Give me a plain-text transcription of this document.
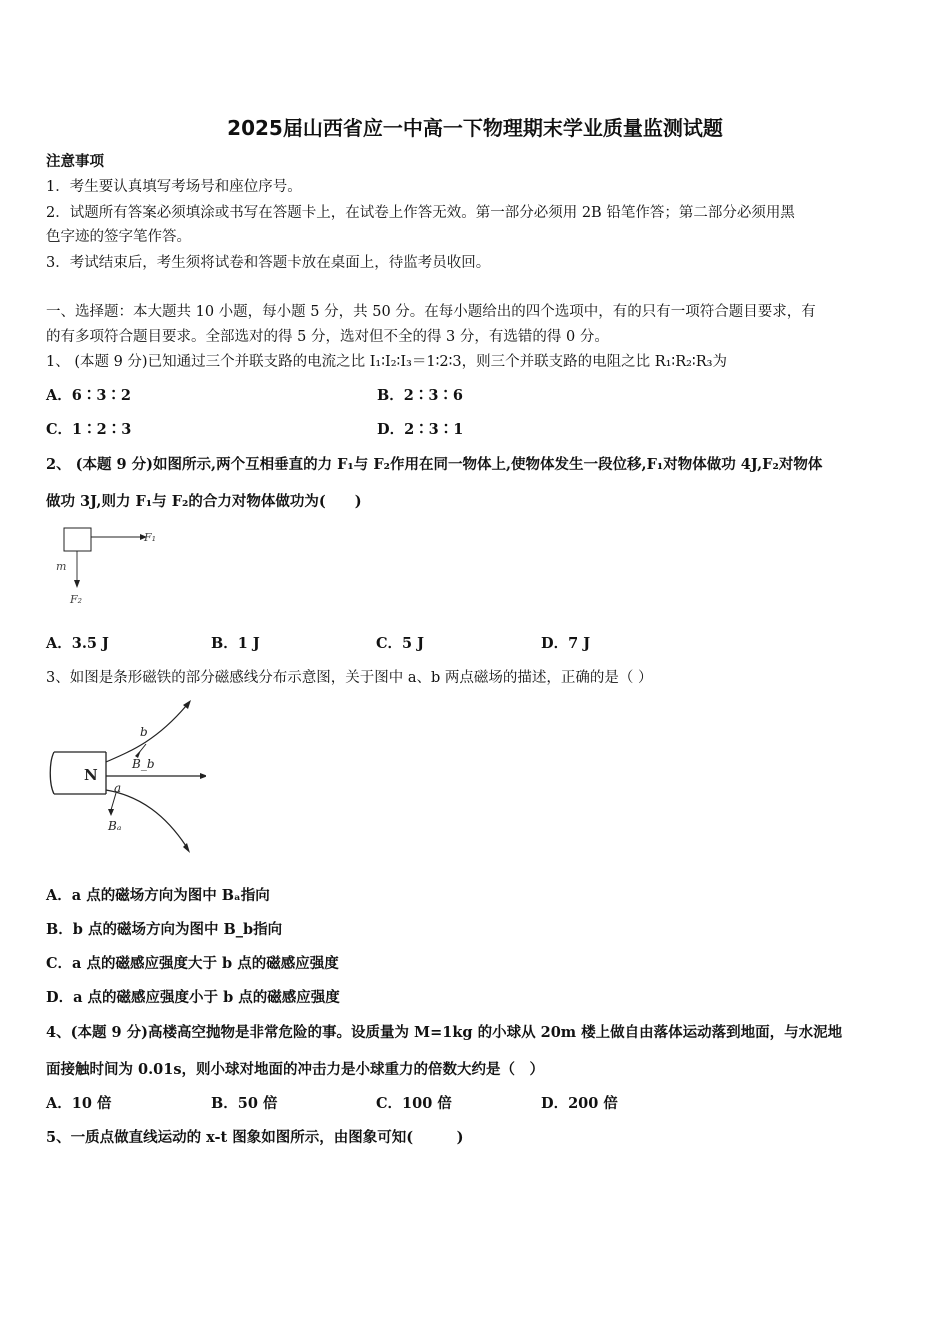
2025届山西省应一中高一下物理期末学业质量监测试题
注意事项
1．考生要认真填写考场号和座位序号。
2．试题所有答案必须填涂或书写在答题卡上，在试卷上作答无效。第一部分必须用 2B 铅笔作答；第二部分必须用黑
色字迹的签字笔作答。
3．考试结束后，考生须将试卷和答题卡放在桌面上，待监考员收回。
一、选择题：本大题共 10 小题，每小题 5 分，共 50 分。在每小题给出的四个选项中，有的只有一项符合题目要求，有
的有多项符合题目要求。全部选对的得 5 分，选对但不全的得 3 分，有选错的得 0 分。
1、 (本题 9 分)已知通过三个并联支路的电流之比 I₁∶I₂∶I₃＝1∶2∶3，则三个并联支路的电阻之比 R₁∶R₂∶R₃为
A．6∶3∶2	B．2∶3∶6
C．1∶2∶3	D．2∶3∶1
2、 (本题 9 分)如图所示,两个互相垂直的力 F₁与 F₂作用在同一物体上,使物体发生一段位移,F₁对物体做功 4J,F₂对物体
做功 3J,则力 F₁与 F₂的合力对物体做功为(　　)
F₁
m
F₂
A．3.5 J	B．1 J	C．5 J	D．7 J
3、如图是条形磁铁的部分磁感线分布示意图，关于图中 a、b 两点磁场的描述，正确的是（ ）
N
b
B_b
a
Bₐ
A．a 点的磁场方向为图中 Bₐ指向
B．b 点的磁场方向为图中 B_b指向
C．a 点的磁感应强度大于 b 点的磁感应强度
D．a 点的磁感应强度小于 b 点的磁感应强度
4、(本题 9 分)高楼高空抛物是非常危险的事。设质量为 M=1kg 的小球从 20m 楼上做自由落体运动落到地面，与水泥地
面接触时间为 0.01s，则小球对地面的冲击力是小球重力的倍数大约是（　）
A．10 倍	B．50 倍	C．100 倍	D．200 倍
5、一质点做直线运动的 x-t 图象如图所示，由图象可知(　　　)
